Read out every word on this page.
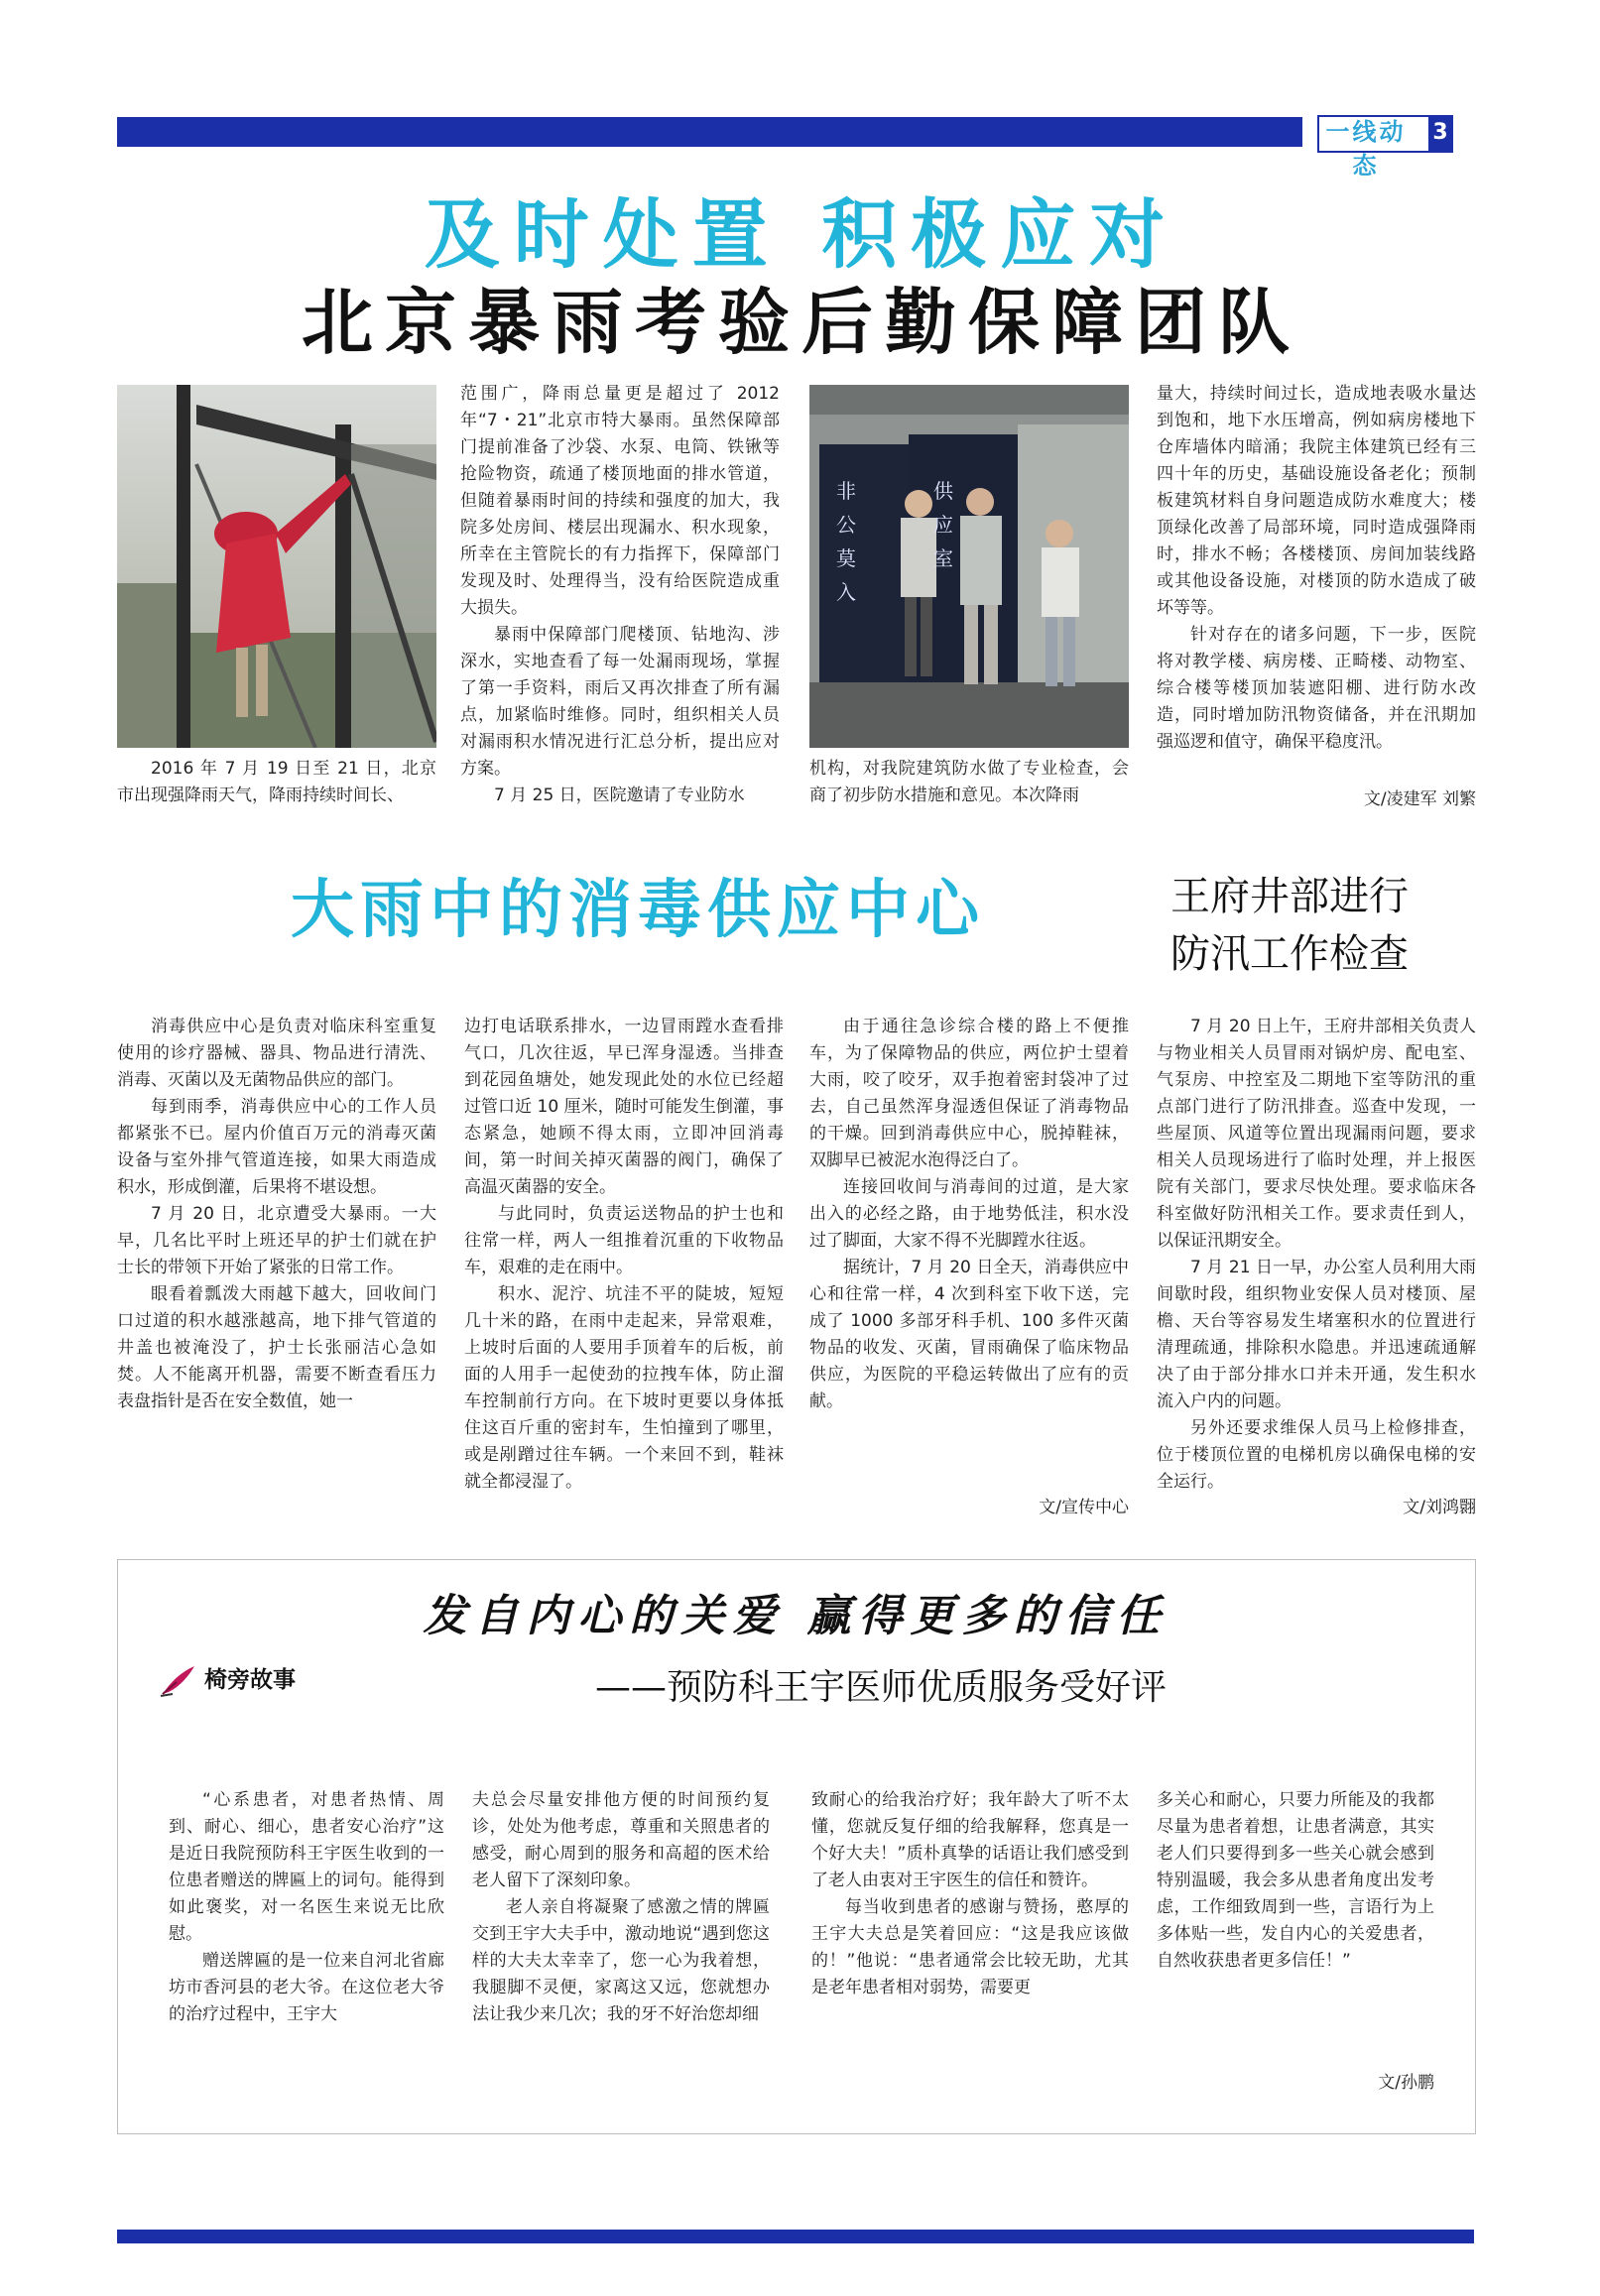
一线动态
3
及时处置 积极应对
北京暴雨考验后勤保障团队
2016 年 7 月 19 日至 21 日，北京市出现强降雨天气，降雨持续时间长、

范围广，降雨总量更是超过了 2012 年“7・21”北京市特大暴雨。虽然保障部门提前准备了沙袋、水泵、电筒、铁锹等抢险物资，疏通了楼顶地面的排水管道，但随着暴雨时间的持续和强度的加大，我院多处房间、楼层出现漏水、积水现象，所幸在主管院长的有力指挥下，保障部门发现及时、处理得当，没有给医院造成重大损失。

暴雨中保障部门爬楼顶、钻地沟、涉深水，实地查看了每一处漏雨现场，掌握了第一手资料，雨后又再次排查了所有漏点，加紧临时维修。同时，组织相关人员对漏雨积水情况进行汇总分析，提出应对方案。

7 月 25 日，医院邀请了专业防水

非公莫入
供应室

机构，对我院建筑防水做了专业检查，会商了初步防水措施和意见。本次降雨

量大，持续时间过长，造成地表吸水量达到饱和，地下水压增高，例如病房楼地下仓库墙体内暗涌；我院主体建筑已经有三四十年的历史，基础设施设备老化；预制板建筑材料自身问题造成防水难度大；楼顶绿化改善了局部环境，同时造成强降雨时，排水不畅；各楼楼顶、房间加装线路或其他设备设施，对楼顶的防水造成了破坏等等。

针对存在的诸多问题，下一步，医院将对教学楼、病房楼、正畸楼、动物室、综合楼等楼顶加装遮阳棚、进行防水改造，同时增加防汛物资储备，并在汛期加强巡逻和值守，确保平稳度汛。

文/凌建军 刘繁
大雨中的消毒供应中心

消毒供应中心是负责对临床科室重复使用的诊疗器械、器具、物品进行清洗、消毒、灭菌以及无菌物品供应的部门。

每到雨季，消毒供应中心的工作人员都紧张不已。屋内价值百万元的消毒灭菌设备与室外排气管道连接，如果大雨造成积水，形成倒灌，后果将不堪设想。

7 月 20 日，北京遭受大暴雨。一大早，几名比平时上班还早的护士们就在护士长的带领下开始了紧张的日常工作。

眼看着瓢泼大雨越下越大，回收间门口过道的积水越涨越高，地下排气管道的井盖也被淹没了，护士长张丽洁心急如焚。人不能离开机器，需要不断查看压力表盘指针是否在安全数值，她一

边打电话联系排水，一边冒雨蹚水查看排气口，几次往返，早已浑身湿透。当排查到花园鱼塘处，她发现此处的水位已经超过管口近 10 厘米，随时可能发生倒灌，事态紧急，她顾不得太雨，立即冲回消毒间，第一时间关掉灭菌器的阀门，确保了高温灭菌器的安全。

与此同时，负责运送物品的护士也和往常一样，两人一组推着沉重的下收物品车，艰难的走在雨中。

积水、泥泞、坑洼不平的陡坡，短短几十米的路，在雨中走起来，异常艰难，上坡时后面的人要用手顶着车的后板，前面的人用手一起使劲的拉拽车体，防止溜车控制前行方向。在下坡时更要以身体抵住这百斤重的密封车，生怕撞到了哪里，或是剐蹭过往车辆。一个来回不到，鞋袜就全都浸湿了。

由于通往急诊综合楼的路上不便推车，为了保障物品的供应，两位护士望着大雨，咬了咬牙，双手抱着密封袋冲了过去，自己虽然浑身湿透但保证了消毒物品的干燥。回到消毒供应中心，脱掉鞋袜，双脚早已被泥水泡得泛白了。

连接回收间与消毒间的过道，是大家出入的必经之路，由于地势低洼，积水没过了脚面，大家不得不光脚蹚水往返。

据统计，7 月 20 日全天，消毒供应中心和往常一样，4 次到科室下收下送，完成了 1000 多部牙科手机、100 多件灭菌物品的收发、灭菌，冒雨确保了临床物品供应，为医院的平稳运转做出了应有的贡献。

文/宣传中心
王府井部进行
防汛工作检查

7 月 20 日上午，王府井部相关负责人与物业相关人员冒雨对锅炉房、配电室、气泵房、中控室及二期地下室等防汛的重点部门进行了防汛排查。巡查中发现，一些屋顶、风道等位置出现漏雨问题，要求相关人员现场进行了临时处理，并上报医院有关部门，要求尽快处理。要求临床各科室做好防汛相关工作。要求责任到人，以保证汛期安全。

7 月 21 日一早，办公室人员利用大雨间歇时段，组织物业安保人员对楼顶、屋檐、天台等容易发生堵塞积水的位置进行清理疏通，排除积水隐患。并迅速疏通解决了由于部分排水口并未开通，发生积水流入户内的问题。

另外还要求维保人员马上检修排查，位于楼顶位置的电梯机房以确保电梯的安全运行。

文/刘鸿翾
发自内心的关爱 赢得更多的信任
——预防科王宇医师优质服务受好评
椅旁故事

“心系患者，对患者热情、周到、耐心、细心，患者安心治疗”这是近日我院预防科王宇医生收到的一位患者赠送的牌匾上的词句。能得到如此褒奖，对一名医生来说无比欣慰。

赠送牌匾的是一位来自河北省廊坊市香河县的老大爷。在这位老大爷的治疗过程中，王宇大

夫总会尽量安排他方便的时间预约复诊，处处为他考虑，尊重和关照患者的感受，耐心周到的服务和高超的医术给老人留下了深刻印象。

老人亲自将凝聚了感激之情的牌匾交到王宇大夫手中，激动地说“遇到您这样的大夫太幸幸了，您一心为我着想，我腿脚不灵便，家离这又远，您就想办法让我少来几次；我的牙不好治您却细

致耐心的给我治疗好；我年龄大了听不太懂，您就反复仔细的给我解释，您真是一个好大夫！”质朴真挚的话语让我们感受到了老人由衷对王宇医生的信任和赞许。

每当收到患者的感谢与赞扬，憨厚的王宇大夫总是笑着回应：“这是我应该做的！”他说：“患者通常会比较无助，尤其是老年患者相对弱势，需要更

多关心和耐心，只要力所能及的我都尽量为患者着想，让患者满意，其实老人们只要得到多一些关心就会感到特别温暖，我会多从患者角度出发考虑，工作细致周到一些，言语行为上多体贴一些，发自内心的关爱患者，自然收获患者更多信任！”

文/孙鹏
